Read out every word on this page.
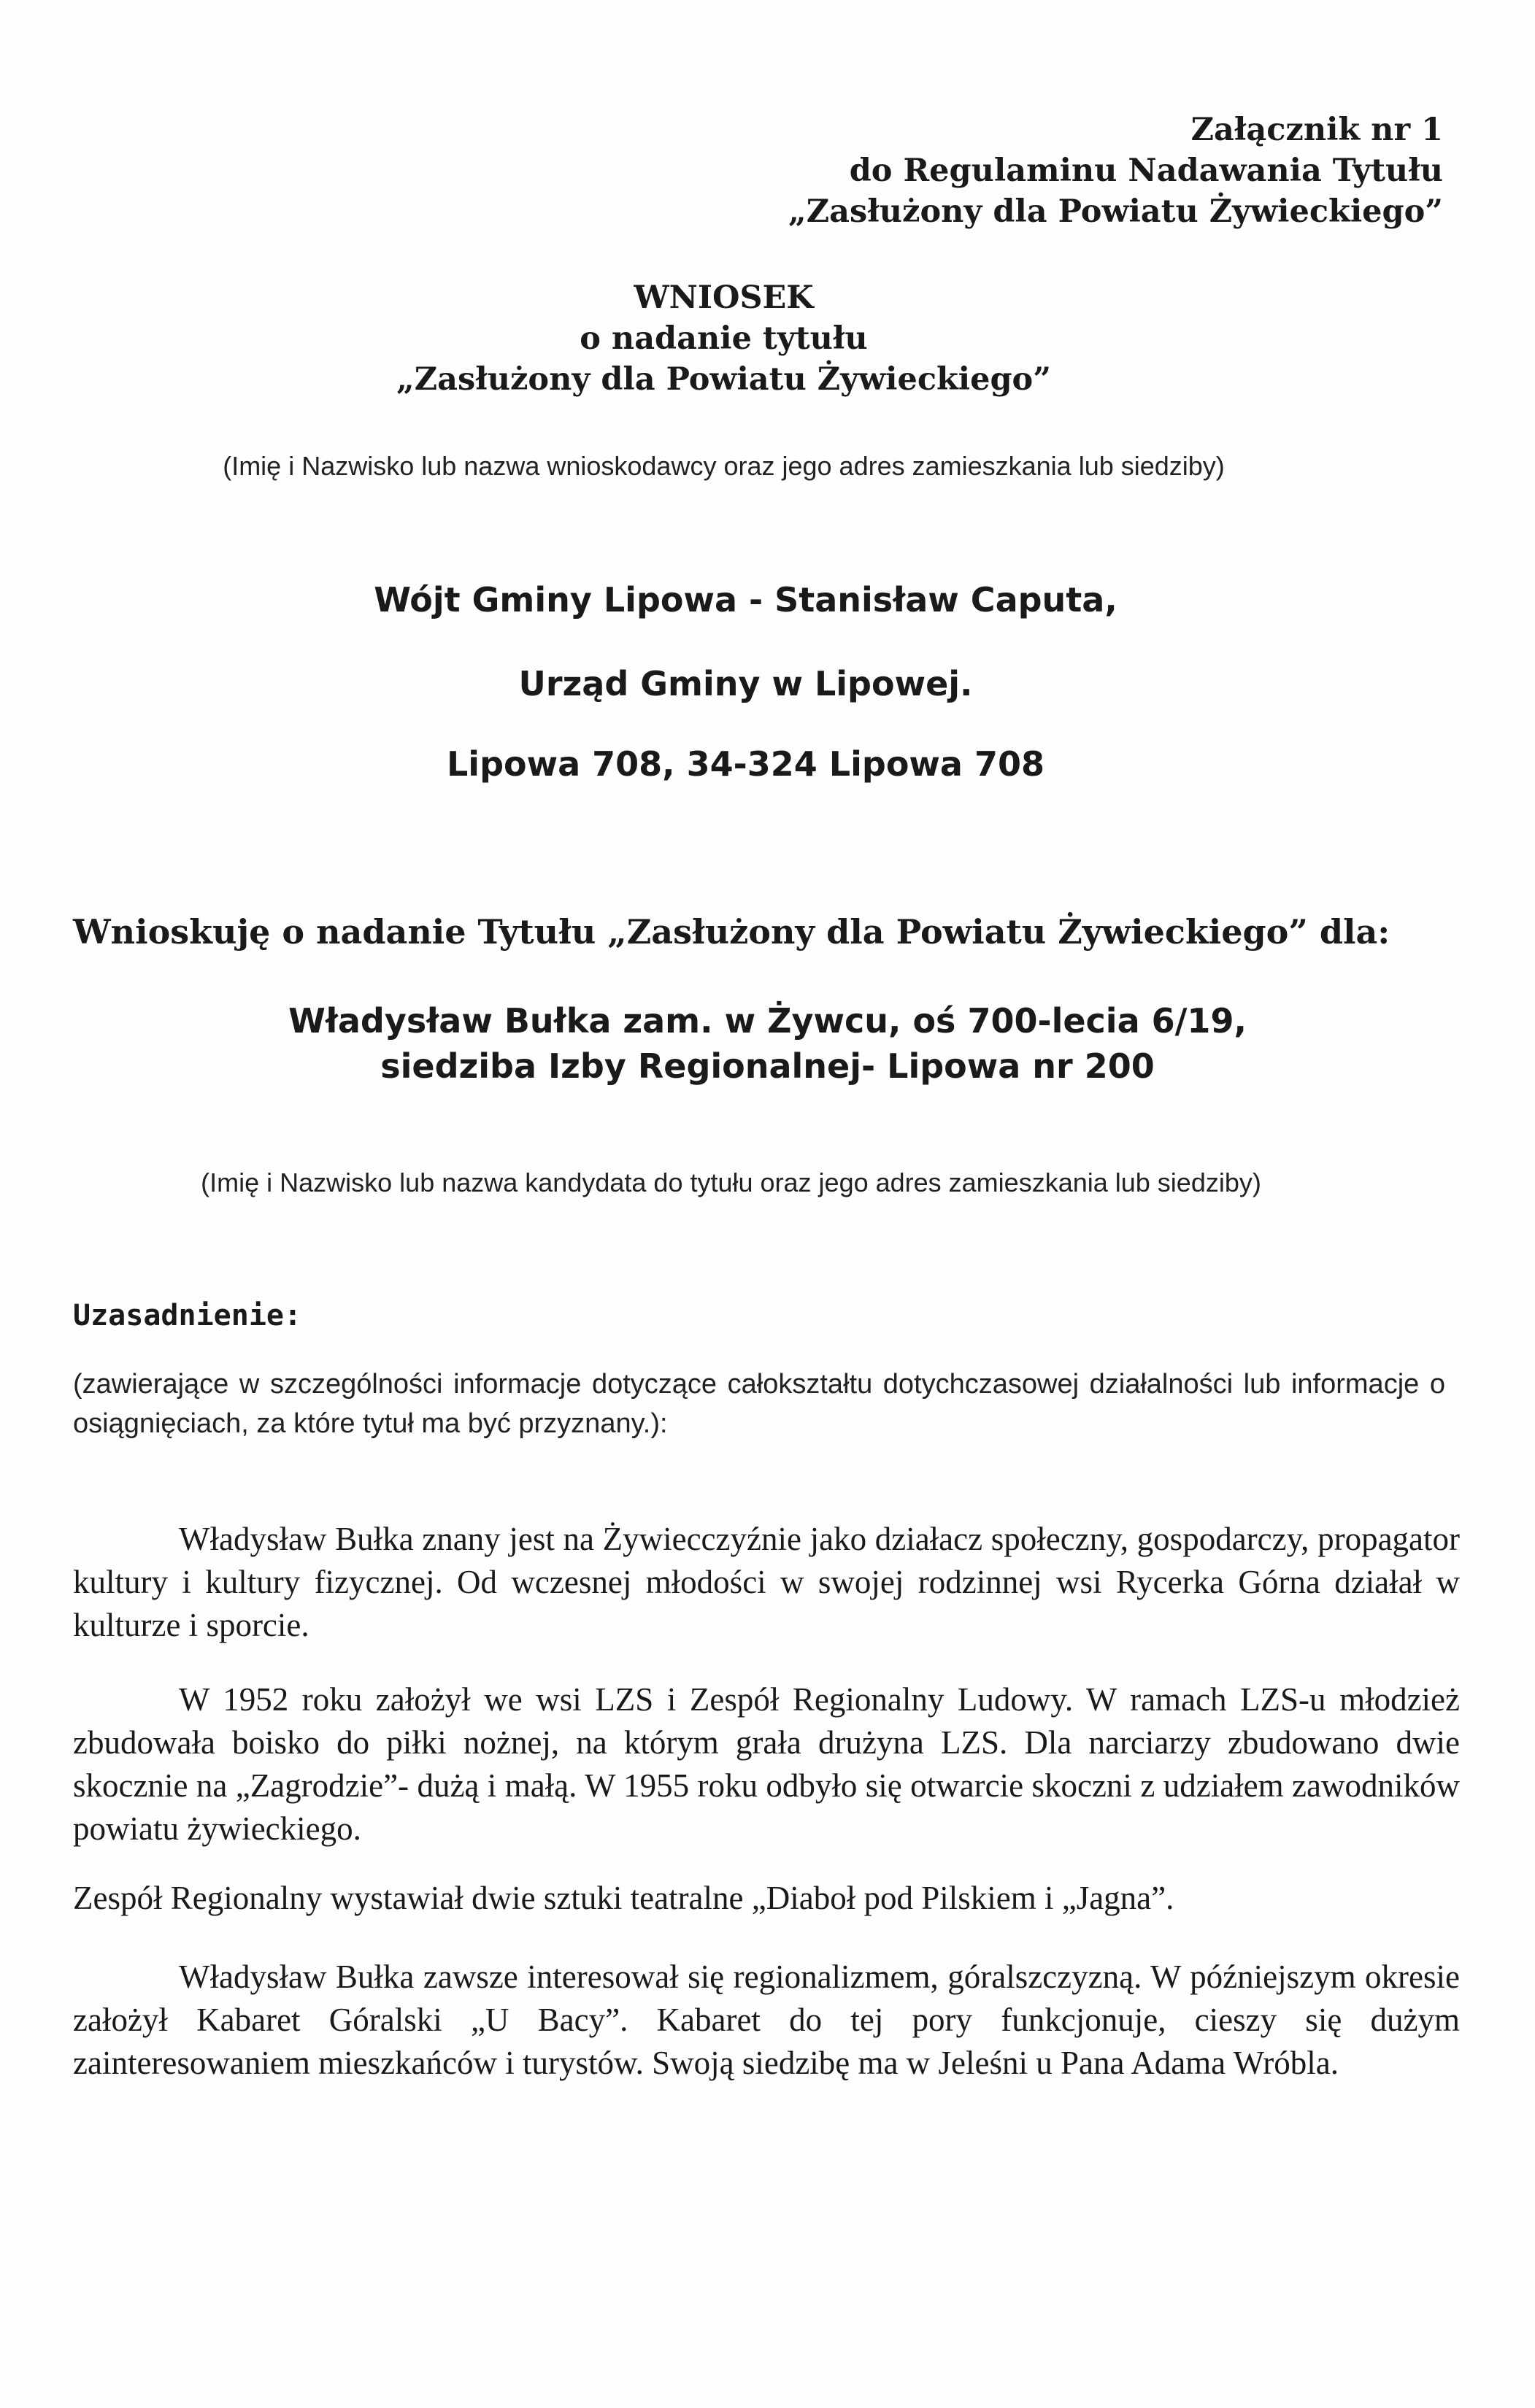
Załącznik nr 1
do Regulaminu Nadawania Tytułu
„Zasłużony dla Powiatu Żywieckiego”
WNIOSEK
o nadanie tytułu
„Zasłużony dla Powiatu Żywieckiego”
(Imię i Nazwisko lub nazwa wnioskodawcy oraz jego adres zamieszkania lub siedziby)
Wójt Gminy Lipowa - Stanisław Caputa,
Urząd Gminy w Lipowej.
Lipowa 708, 34-324 Lipowa 708
Wnioskuję o nadanie Tytułu „Zasłużony dla Powiatu Żywieckiego” dla:
Władysław Bułka zam. w Żywcu, oś 700-lecia 6/19,
siedziba Izby Regionalnej- Lipowa nr 200
(Imię i Nazwisko lub nazwa kandydata do tytułu oraz jego adres zamieszkania lub siedziby)
Uzasadnienie:
(zawierające w szczególności informacje dotyczące całokształtu dotychczasowej działalności lub informacje o osiągnięciach, za które tytuł ma być przyznany.):
Władysław Bułka znany jest na Żywiecczyźnie jako działacz społeczny, gospodarczy, propagator kultury i kultury fizycznej. Od wczesnej młodości w swojej rodzinnej wsi Rycerka Górna działał w kulturze i sporcie.
W 1952 roku założył we wsi LZS i Zespół Regionalny Ludowy. W ramach LZS-u młodzież zbudowała boisko do piłki nożnej, na którym grała drużyna LZS. Dla narciarzy zbudowano dwie skocznie na „Zagrodzie”- dużą i małą. W 1955 roku odbyło się otwarcie skoczni z udziałem zawodników powiatu żywieckiego.
Zespół Regionalny wystawiał dwie sztuki teatralne „Diaboł pod Pilskiem i „Jagna”.
Władysław Bułka zawsze interesował się regionalizmem, góralszczyzną. W późniejszym okresie założył Kabaret Góralski „U Bacy”. Kabaret do tej pory funkcjonuje, cieszy się dużym zainteresowaniem mieszkańców i turystów. Swoją siedzibę ma w Jeleśni u Pana Adama Wróbla.
